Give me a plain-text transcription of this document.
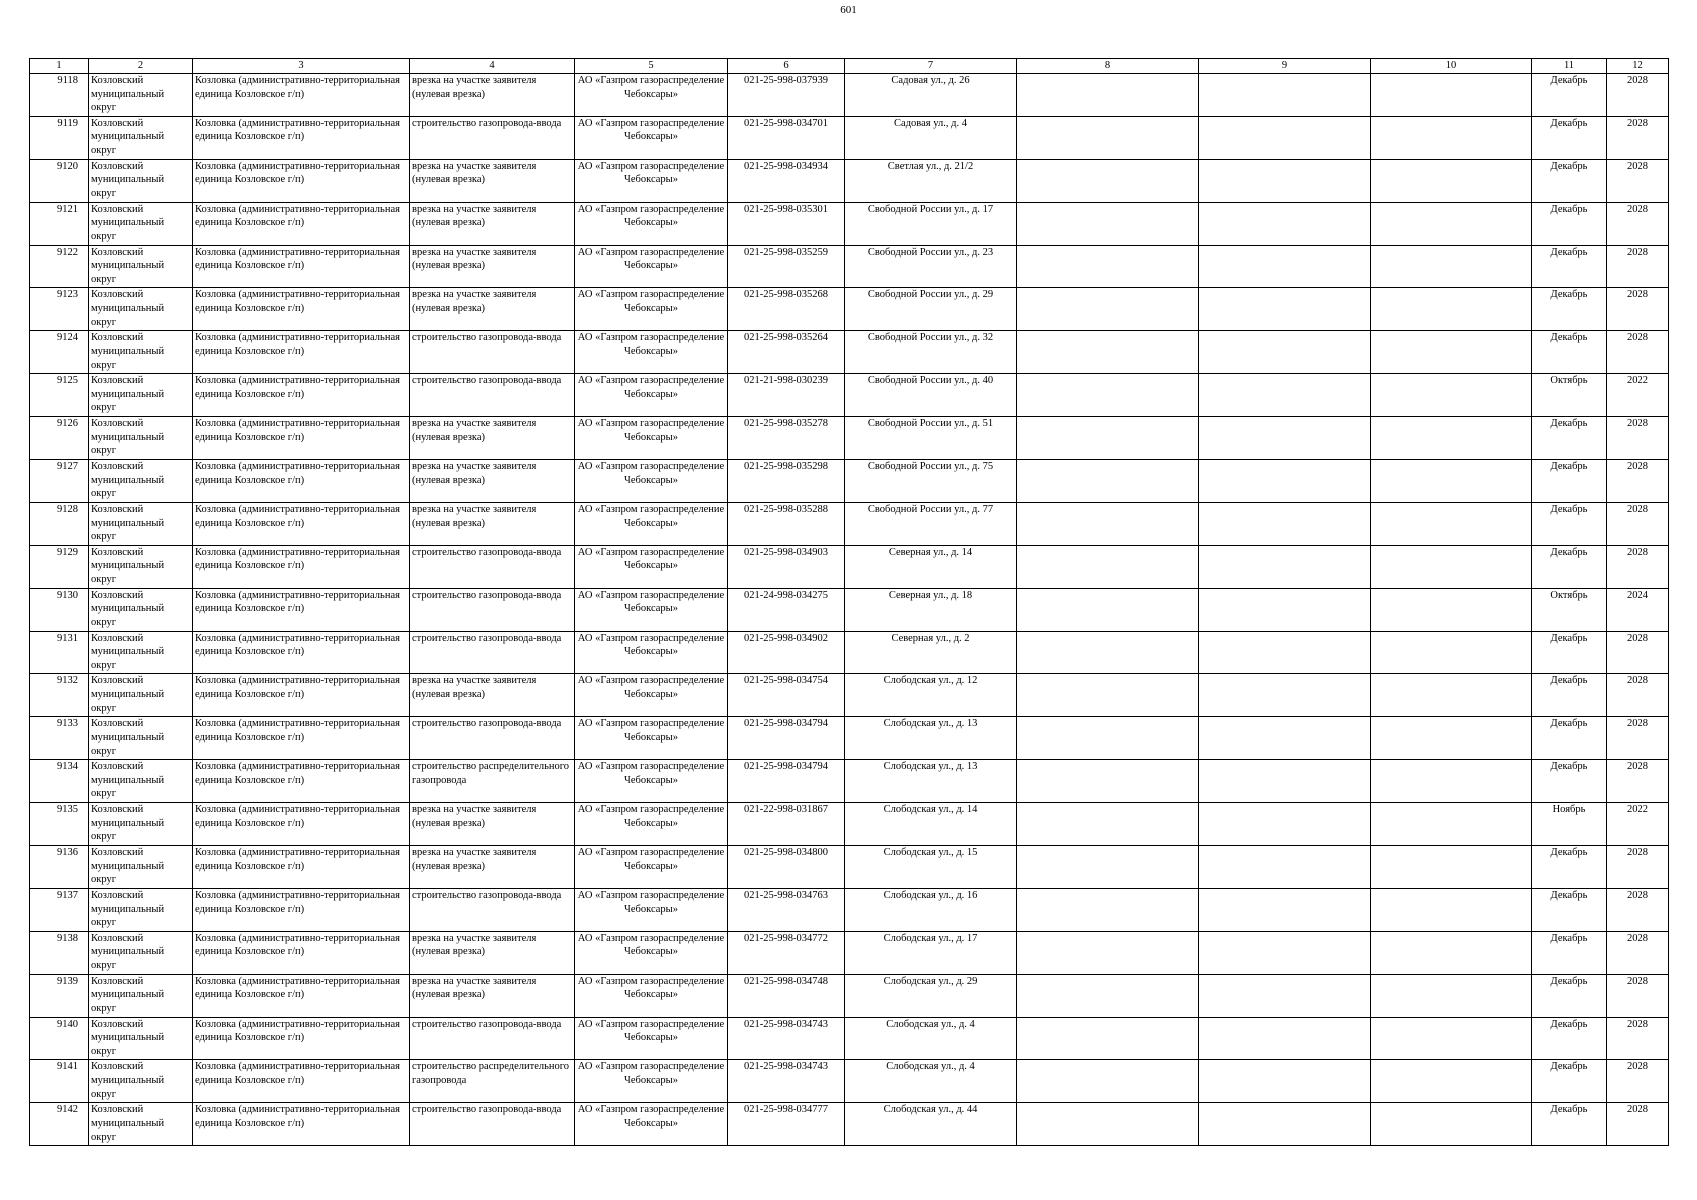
601
1	2	3	4	5	6	7	8	9	10	11	12

9118	Козловский муниципальный округ	Козловка (административно-территориальная единица Козловское г/п)	врезка на участке заявителя (нулевая врезка)	АО «Газпром газораспределение Чебоксары»	021-25-998-037939	Садовая ул., д. 26				Декабрь	2028

9119	Козловский муниципальный округ	Козловка (административно-территориальная единица Козловское г/п)	строительство газопровода-ввода	АО «Газпром газораспределение Чебоксары»	021-25-998-034701	Садовая ул., д. 4				Декабрь	2028

9120	Козловский муниципальный округ	Козловка (административно-территориальная единица Козловское г/п)	врезка на участке заявителя (нулевая врезка)	АО «Газпром газораспределение Чебоксары»	021-25-998-034934	Светлая ул., д. 21/2				Декабрь	2028

9121	Козловский муниципальный округ	Козловка (административно-территориальная единица Козловское г/п)	врезка на участке заявителя (нулевая врезка)	АО «Газпром газораспределение Чебоксары»	021-25-998-035301	Свободной России ул., д. 17				Декабрь	2028

9122	Козловский муниципальный округ	Козловка (административно-территориальная единица Козловское г/п)	врезка на участке заявителя (нулевая врезка)	АО «Газпром газораспределение Чебоксары»	021-25-998-035259	Свободной России ул., д. 23				Декабрь	2028

9123	Козловский муниципальный округ	Козловка (административно-территориальная единица Козловское г/п)	врезка на участке заявителя (нулевая врезка)	АО «Газпром газораспределение Чебоксары»	021-25-998-035268	Свободной России ул., д. 29				Декабрь	2028

9124	Козловский муниципальный округ	Козловка (административно-территориальная единица Козловское г/п)	строительство газопровода-ввода	АО «Газпром газораспределение Чебоксары»	021-25-998-035264	Свободной России ул., д. 32				Декабрь	2028

9125	Козловский муниципальный округ	Козловка (административно-территориальная единица Козловское г/п)	строительство газопровода-ввода	АО «Газпром газораспределение Чебоксары»	021-21-998-030239	Свободной России ул., д. 40				Октябрь	2022

9126	Козловский муниципальный округ	Козловка (административно-территориальная единица Козловское г/п)	врезка на участке заявителя (нулевая врезка)	АО «Газпром газораспределение Чебоксары»	021-25-998-035278	Свободной России ул., д. 51				Декабрь	2028

9127	Козловский муниципальный округ	Козловка (административно-территориальная единица Козловское г/п)	врезка на участке заявителя (нулевая врезка)	АО «Газпром газораспределение Чебоксары»	021-25-998-035298	Свободной России ул., д. 75				Декабрь	2028

9128	Козловский муниципальный округ	Козловка (административно-территориальная единица Козловское г/п)	врезка на участке заявителя (нулевая врезка)	АО «Газпром газораспределение Чебоксары»	021-25-998-035288	Свободной России ул., д. 77				Декабрь	2028

9129	Козловский муниципальный округ	Козловка (административно-территориальная единица Козловское г/п)	строительство газопровода-ввода	АО «Газпром газораспределение Чебоксары»	021-25-998-034903	Северная ул., д. 14				Декабрь	2028

9130	Козловский муниципальный округ	Козловка (административно-территориальная единица Козловское г/п)	строительство газопровода-ввода	АО «Газпром газораспределение Чебоксары»	021-24-998-034275	Северная ул., д. 18				Октябрь	2024

9131	Козловский муниципальный округ	Козловка (административно-территориальная единица Козловское г/п)	строительство газопровода-ввода	АО «Газпром газораспределение Чебоксары»	021-25-998-034902	Северная ул., д. 2				Декабрь	2028

9132	Козловский муниципальный округ	Козловка (административно-территориальная единица Козловское г/п)	врезка на участке заявителя (нулевая врезка)	АО «Газпром газораспределение Чебоксары»	021-25-998-034754	Слободская ул., д. 12				Декабрь	2028

9133	Козловский муниципальный округ	Козловка (административно-территориальная единица Козловское г/п)	строительство газопровода-ввода	АО «Газпром газораспределение Чебоксары»	021-25-998-034794	Слободская ул., д. 13				Декабрь	2028

9134	Козловский муниципальный округ	Козловка (административно-территориальная единица Козловское г/п)	строительство распределительного газопровода	АО «Газпром газораспределение Чебоксары»	021-25-998-034794	Слободская ул., д. 13				Декабрь	2028

9135	Козловский муниципальный округ	Козловка (административно-территориальная единица Козловское г/п)	врезка на участке заявителя (нулевая врезка)	АО «Газпром газораспределение Чебоксары»	021-22-998-031867	Слободская ул., д. 14				Ноябрь	2022

9136	Козловский муниципальный округ	Козловка (административно-территориальная единица Козловское г/п)	врезка на участке заявителя (нулевая врезка)	АО «Газпром газораспределение Чебоксары»	021-25-998-034800	Слободская ул., д. 15				Декабрь	2028

9137	Козловский муниципальный округ	Козловка (административно-территориальная единица Козловское г/п)	строительство газопровода-ввода	АО «Газпром газораспределение Чебоксары»	021-25-998-034763	Слободская ул., д. 16				Декабрь	2028

9138	Козловский муниципальный округ	Козловка (административно-территориальная единица Козловское г/п)	врезка на участке заявителя (нулевая врезка)	АО «Газпром газораспределение Чебоксары»	021-25-998-034772	Слободская ул., д. 17				Декабрь	2028

9139	Козловский муниципальный округ	Козловка (административно-территориальная единица Козловское г/п)	врезка на участке заявителя (нулевая врезка)	АО «Газпром газораспределение Чебоксары»	021-25-998-034748	Слободская ул., д. 29				Декабрь	2028

9140	Козловский муниципальный округ	Козловка (административно-территориальная единица Козловское г/п)	строительство газопровода-ввода	АО «Газпром газораспределение Чебоксары»	021-25-998-034743	Слободская ул., д. 4				Декабрь	2028

9141	Козловский муниципальный округ	Козловка (административно-территориальная единица Козловское г/п)	строительство распределительного газопровода	АО «Газпром газораспределение Чебоксары»	021-25-998-034743	Слободская ул., д. 4				Декабрь	2028

9142	Козловский муниципальный округ	Козловка (административно-территориальная единица Козловское г/п)	строительство газопровода-ввода	АО «Газпром газораспределение Чебоксары»	021-25-998-034777	Слободская ул., д. 44				Декабрь	2028
